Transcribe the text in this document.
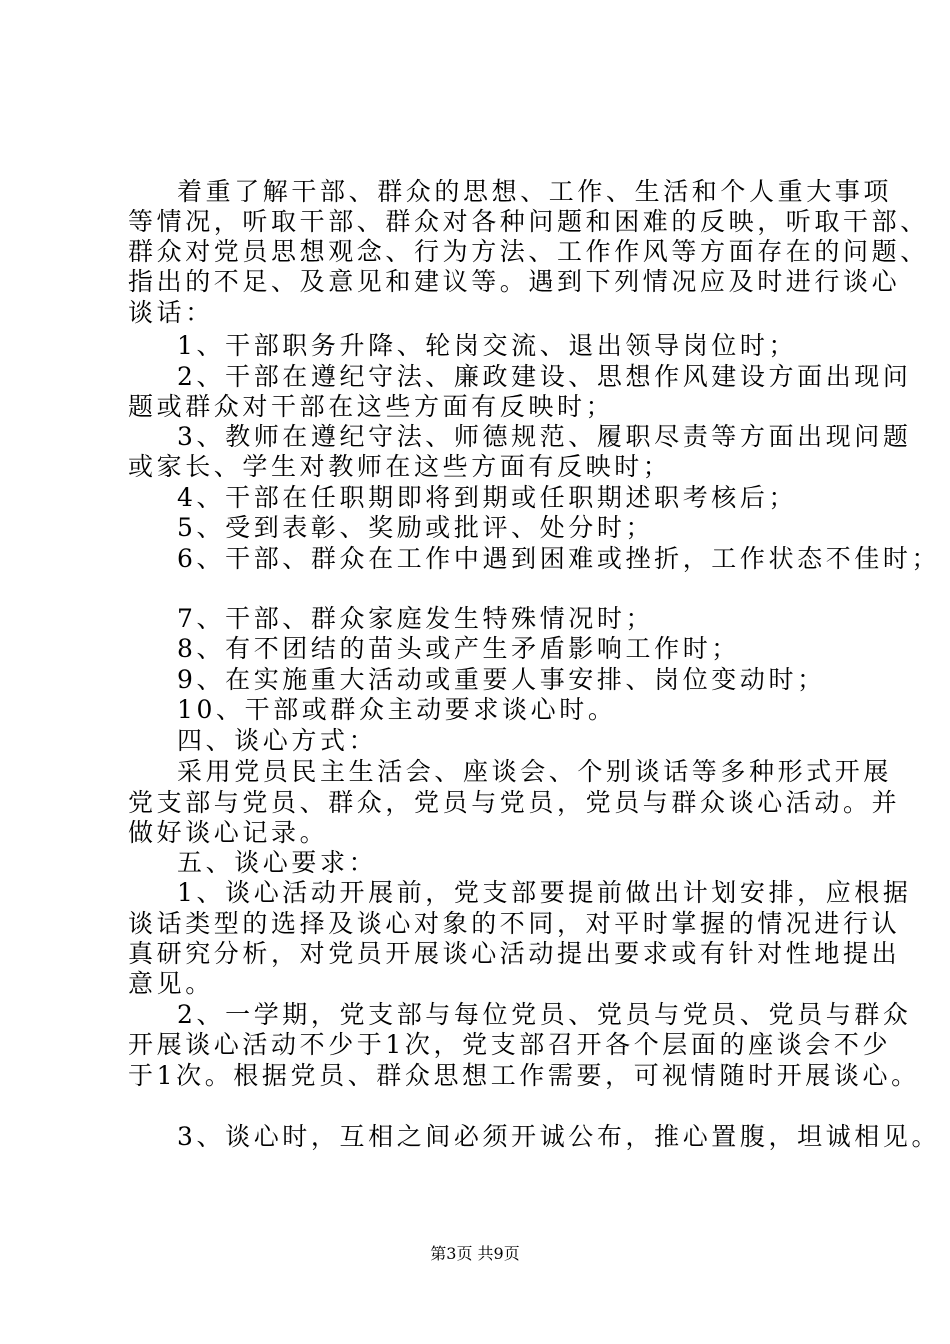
着重了解干部、群众的思想、工作、生活和个人重大事项
等情况，听取干部、群众对各种问题和困难的反映，听取干部、
群众对党员思想观念、行为方法、工作作风等方面存在的问题、
指出的不足、及意见和建议等。遇到下列情况应及时进行谈心
谈话：
1、干部职务升降、轮岗交流、退出领导岗位时；
2、干部在遵纪守法、廉政建设、思想作风建设方面出现问
题或群众对干部在这些方面有反映时；
3、教师在遵纪守法、师德规范、履职尽责等方面出现问题
或家长、学生对教师在这些方面有反映时；
4、干部在任职期即将到期或任职期述职考核后；
5、受到表彰、奖励或批评、处分时；
6、干部、群众在工作中遇到困难或挫折，工作状态不佳时；
7、干部、群众家庭发生特殊情况时；
8、有不团结的苗头或产生矛盾影响工作时；
9、在实施重大活动或重要人事安排、岗位变动时；
10、干部或群众主动要求谈心时。
四、谈心方式：
采用党员民主生活会、座谈会、个别谈话等多种形式开展
党支部与党员、群众，党员与党员，党员与群众谈心活动。并
做好谈心记录。
五、谈心要求：
1、谈心活动开展前，党支部要提前做出计划安排，应根据
谈话类型的选择及谈心对象的不同，对平时掌握的情况进行认
真研究分析，对党员开展谈心活动提出要求或有针对性地提出
意见。
2、一学期，党支部与每位党员、党员与党员、党员与群众
开展谈心活动不少于1次，党支部召开各个层面的座谈会不少
于1次。根据党员、群众思想工作需要，可视情随时开展谈心。
3、谈心时，互相之间必须开诚公布，推心置腹，坦诚相见。
第3页 共9页
